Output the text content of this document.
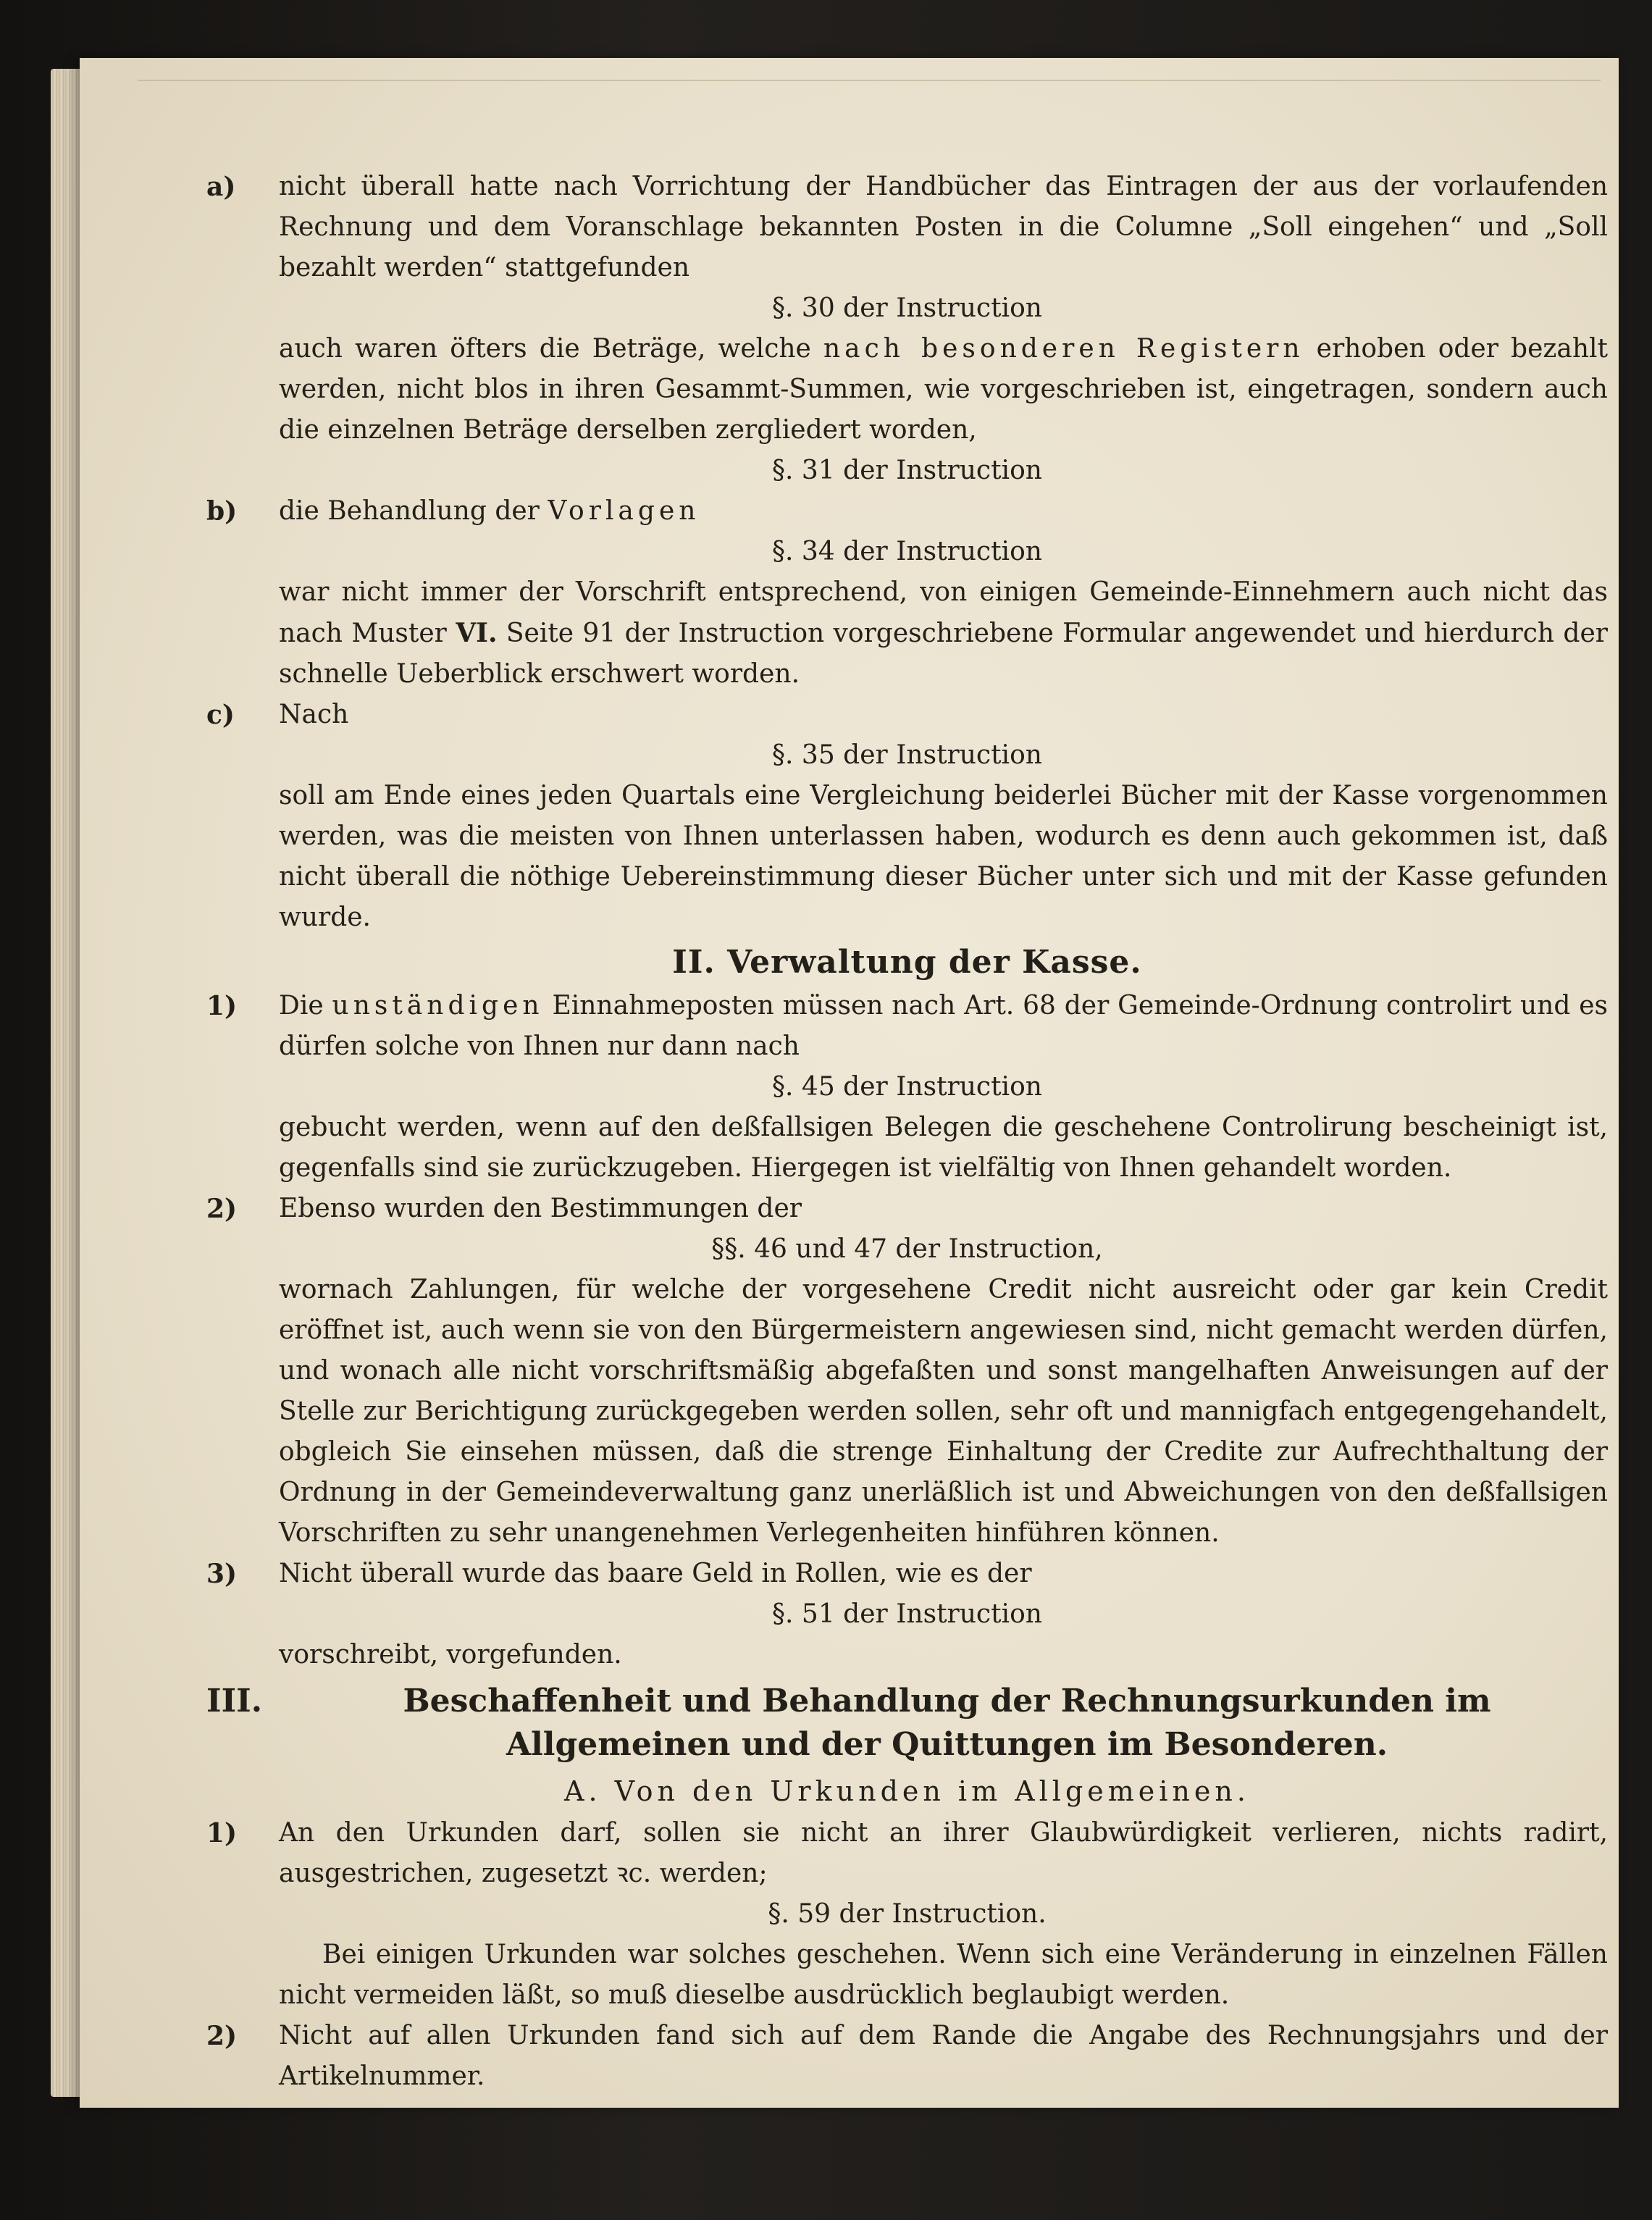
a)	nicht überall hatte nach Vorrichtung der Handbücher das Eintragen der aus der vorlaufenden Rechnung und dem Voranschlage bekannten Posten in die Columne „Soll eingehen“ und „Soll bezahlt werden“ stattgefunden

§. 30 der Instruction

auch waren öfters die Beträge, welche nach besonderen Registern erhoben oder bezahlt werden, nicht blos in ihren Gesammt-Summen, wie vorgeschrieben ist, eingetragen, sondern auch die einzelnen Beträge derselben zergliedert worden,

§. 31 der Instruction

b)	die Behandlung der Vorlagen

§. 34 der Instruction

war nicht immer der Vorschrift entsprechend, von einigen Gemeinde-Einnehmern auch nicht das nach Muster VI. Seite 91 der Instruction vorgeschriebene Formular angewendet und hierdurch der schnelle Ueberblick erschwert worden.

c)	Nach

§. 35 der Instruction

soll am Ende eines jeden Quartals eine Vergleichung beiderlei Bücher mit der Kasse vorgenommen werden, was die meisten von Ihnen unterlassen haben, wodurch es denn auch gekommen ist, daß nicht überall die nöthige Uebereinstimmung dieser Bücher unter sich und mit der Kasse gefunden wurde.

II. Verwaltung der Kasse.
1)	Die unständigen Einnahmeposten müssen nach Art. 68 der Gemeinde-Ordnung controlirt und es dürfen solche von Ihnen nur dann nach

§. 45 der Instruction

gebucht werden, wenn auf den deßfallsigen Belegen die geschehene Controlirung bescheinigt ist, gegenfalls sind sie zurückzugeben. Hiergegen ist vielfältig von Ihnen gehandelt worden.

2)	Ebenso wurden den Bestimmungen der

§§. 46 und 47 der Instruction,

wornach Zahlungen, für welche der vorgesehene Credit nicht ausreicht oder gar kein Credit eröffnet ist, auch wenn sie von den Bürgermeistern angewiesen sind, nicht gemacht werden dürfen, und wonach alle nicht vorschriftsmäßig abgefaßten und sonst mangelhaften Anweisungen auf der Stelle zur Berichtigung zurückgegeben werden sollen, sehr oft und mannigfach entgegengehandelt, obgleich Sie einsehen müssen, daß die strenge Einhaltung der Credite zur Aufrechthaltung der Ordnung in der Gemeindeverwaltung ganz unerläßlich ist und Abweichungen von den deßfallsigen Vorschriften zu sehr unangenehmen Verlegenheiten hinführen können.

3)	Nicht überall wurde das baare Geld in Rollen, wie es der

§. 51 der Instruction

vorschreibt, vorgefunden.

III.	Beschaffenheit und Behandlung der Rechnungsurkunden im Allgemeinen und der Quittungen im Besonderen.
A. Von den Urkunden im Allgemeinen.
1)	An den Urkunden darf, sollen sie nicht an ihrer Glaubwürdigkeit verlieren, nichts radirt, ausgestrichen, zugesetzt ꝛc. werden;

§. 59 der Instruction.

Bei einigen Urkunden war solches geschehen. Wenn sich eine Veränderung in einzelnen Fällen nicht vermeiden läßt, so muß dieselbe ausdrücklich beglaubigt werden.

2)	Nicht auf allen Urkunden fand sich auf dem Rande die Angabe des Rechnungsjahrs und der Artikelnummer.
